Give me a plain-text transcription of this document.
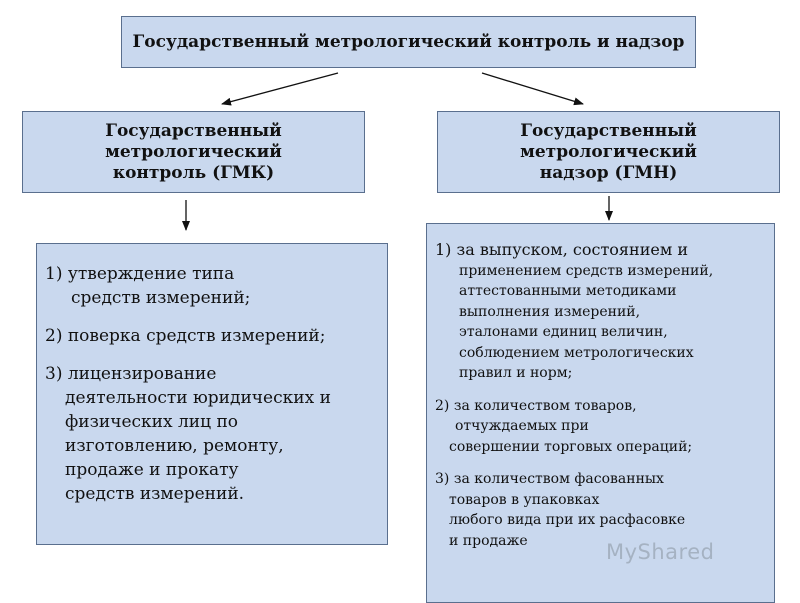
Государственный метрологический контроль и надзор
Государственный
метрологический
контроль (ГМК)
Государственный
метрологический
надзор (ГМН)
1) утверждение типа
средств измерений;
2) поверка средств измерений;
3) лицензирование
деятельности юридических и
физических лиц по
изготовлению, ремонту,
продаже и прокату
средств измерений.
1) за выпуском, состоянием и
применением средств измерений,
аттестованными методиками
выполнения измерений,
эталонами единиц величин,
соблюдением метрологических
правил и норм;
2) за количеством товаров,
отчуждаемых при
совершении торговых операций;
3) за количеством фасованных
товаров в упаковках
любого вида при их расфасовке
и продаже	MyShared
